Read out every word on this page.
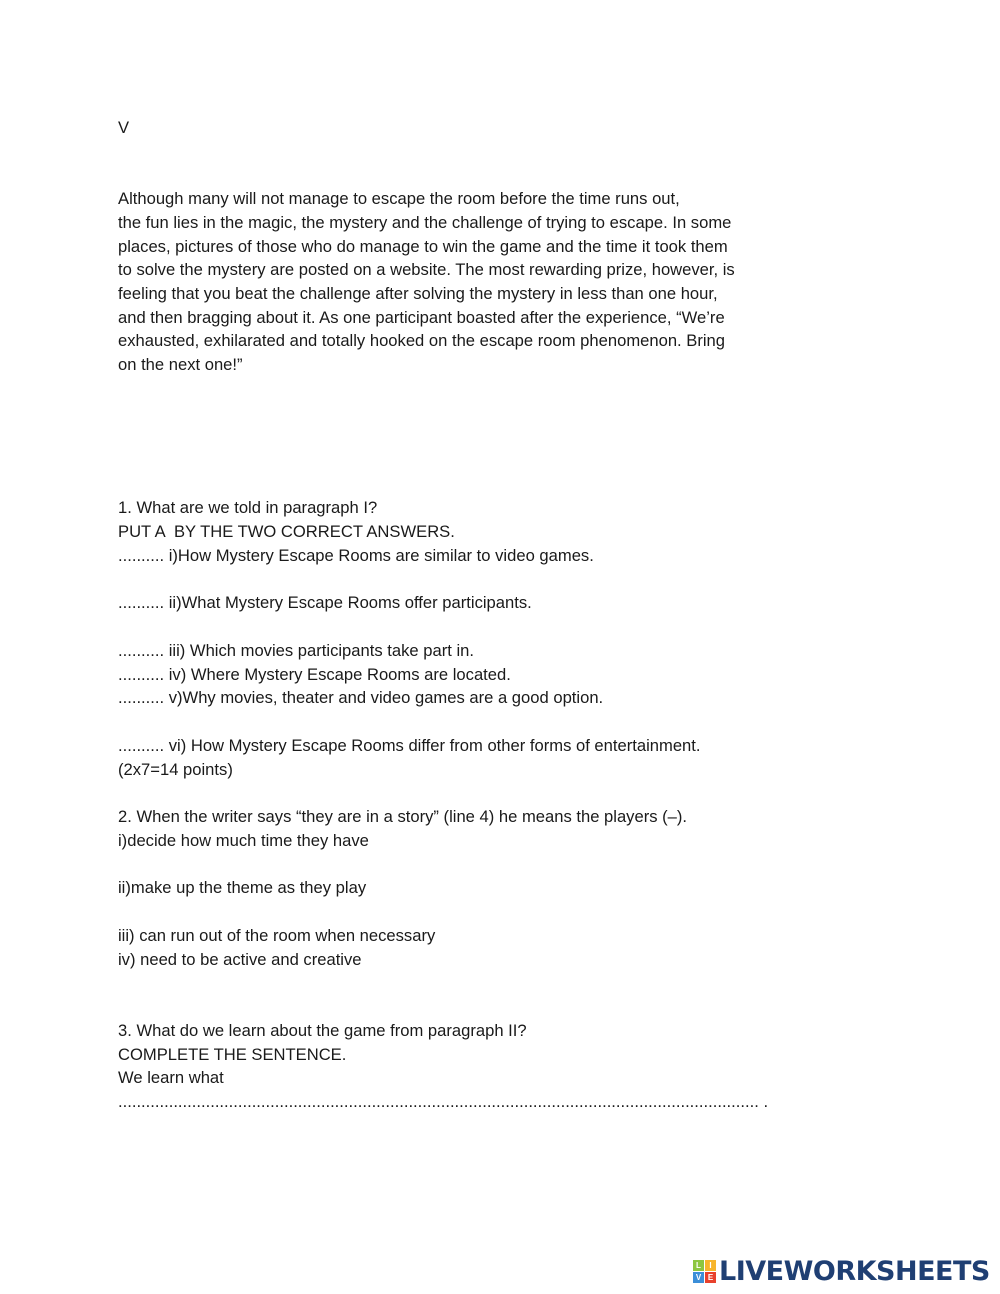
V
Although many will not manage to escape the room before the time runs out,
the fun lies in the magic, the mystery and the challenge of trying to escape. In some
places, pictures of those who do manage to win the game and the time it took them
to solve the mystery are posted on a website. The most rewarding prize, however, is
feeling that you beat the challenge after solving the mystery in less than one hour,
and then bragging about it. As one participant boasted after the experience, “We’re
exhausted, exhilarated and totally hooked on the escape room phenomenon. Bring
on the next one!”
1. What are we told in paragraph I?
PUT A  BY THE TWO CORRECT ANSWERS.
.......... i)How Mystery Escape Rooms are similar to video games.
.......... ii)What Mystery Escape Rooms offer participants.
.......... iii) Which movies participants take part in.
.......... iv) Where Mystery Escape Rooms are located.
.......... v)Why movies, theater and video games are a good option.
.......... vi) How Mystery Escape Rooms differ from other forms of entertainment.
(2x7=14 points)
2. When the writer says “they are in a story” (line 4) he means the players (–).
i)decide how much time they have
ii)make up the theme as they play
iii) can run out of the room when necessary
iv) need to be active and creative
3. What do we learn about the game from paragraph II?
COMPLETE THE SENTENCE.
We learn what
........................................................................................................................................... .
L	I
V E LIVEWORKSHEETS
